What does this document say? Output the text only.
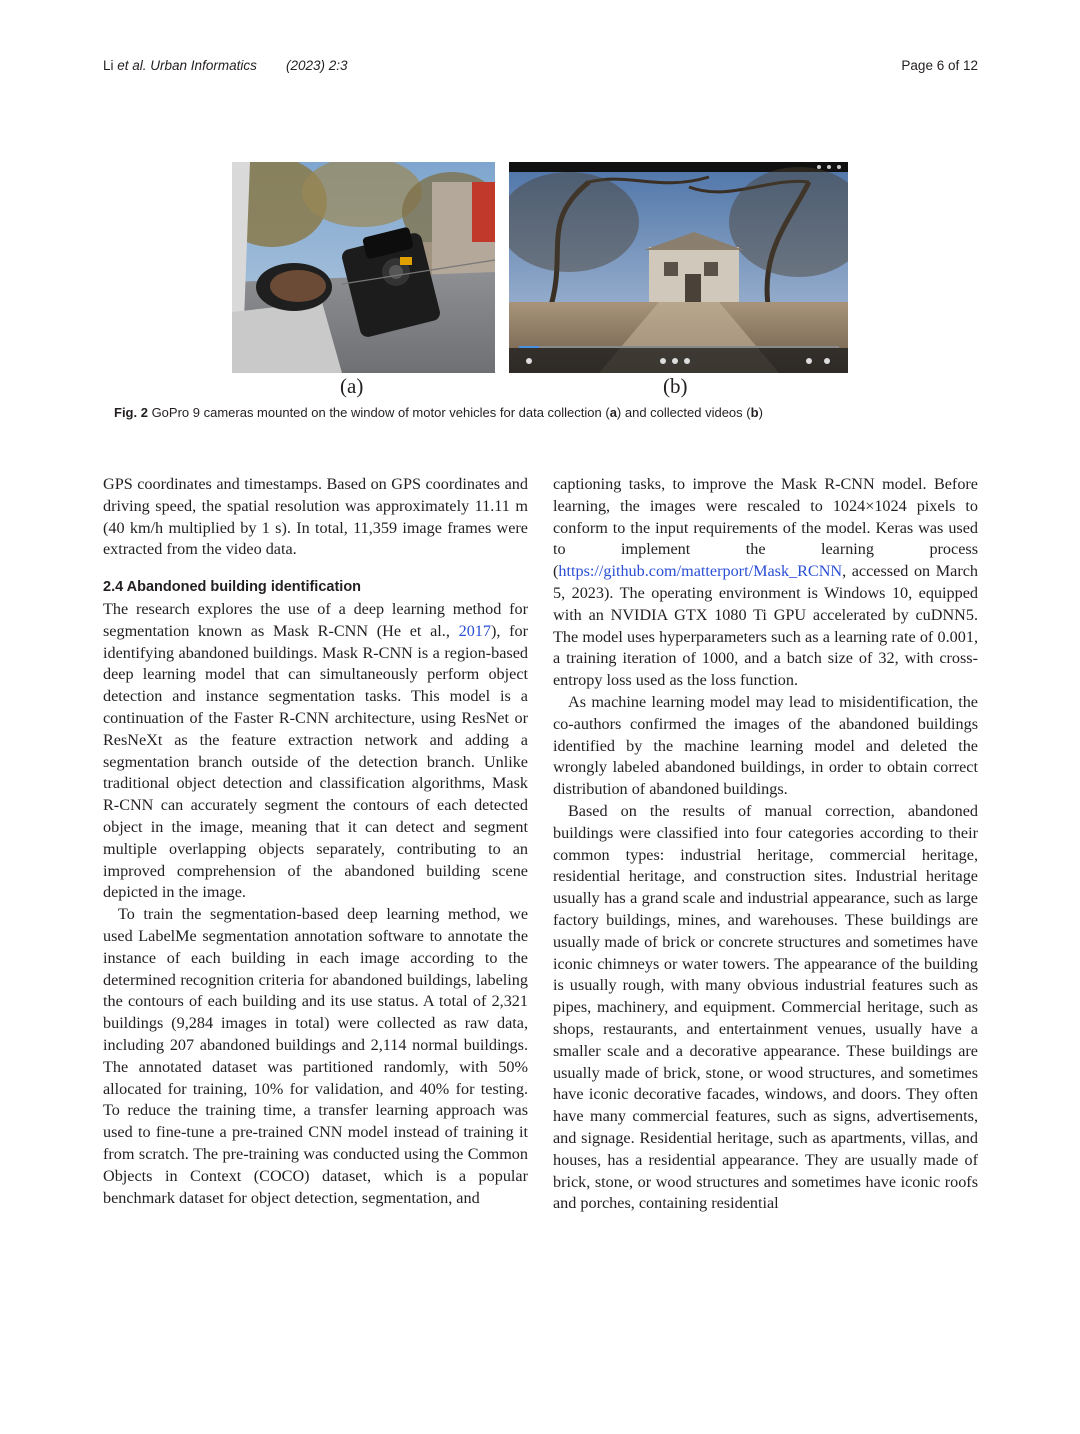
Li et al. Urban Informatics (2023) 2:3	Page 6 of 12
(a)	(b)
Fig. 2 GoPro 9 cameras mounted on the window of motor vehicles for data collection (a) and collected videos (b)

GPS coordinates and timestamps. Based on GPS coordinates and driving speed, the spatial resolution was approximately 11.11 m (40 km/h multiplied by 1 s). In total, 11,359 image frames were extracted from the video data.

2.4 Abandoned building identification

The research explores the use of a deep learning method for segmentation known as Mask R-CNN (He et al., 2017), for identifying abandoned buildings. Mask R-CNN is a region-based deep learning model that can simultaneously perform object detection and instance segmentation tasks. This model is a continuation of the Faster R-CNN architecture, using ResNet or ResNeXt as the feature extraction network and adding a segmentation branch outside of the detection branch. Unlike traditional object detection and classification algorithms, Mask R-CNN can accurately segment the contours of each detected object in the image, meaning that it can detect and segment multiple overlapping objects separately, contributing to an improved comprehension of the abandoned building scene depicted in the image.

To train the segmentation-based deep learning method, we used LabelMe segmentation annotation software to annotate the instance of each building in each image according to the determined recognition criteria for abandoned buildings, labeling the contours of each building and its use status. A total of 2,321 buildings (9,284 images in total) were collected as raw data, including 207 abandoned buildings and 2,114 normal buildings. The annotated dataset was partitioned randomly, with 50% allocated for training, 10% for validation, and 40% for testing. To reduce the training time, a transfer learning approach was used to fine-tune a pre-trained CNN model instead of training it from scratch. The pre-training was conducted using the Common Objects in Context (COCO) dataset, which is a popular benchmark dataset for object detection, segmentation, and

captioning tasks, to improve the Mask R-CNN model. Before learning, the images were rescaled to 1024×1024 pixels to conform to the input requirements of the model. Keras was used to implement the learning process (https://github.com/matterport/Mask_RCNN, accessed on March 5, 2023). The operating environment is Windows 10, equipped with an NVIDIA GTX 1080 Ti GPU accelerated by cuDNN5. The model uses hyperparameters such as a learning rate of 0.001, a training iteration of 1000, and a batch size of 32, with cross-entropy loss used as the loss function.

As machine learning model may lead to misidentification, the co-authors confirmed the images of the abandoned buildings identified by the machine learning model and deleted the wrongly labeled abandoned buildings, in order to obtain correct distribution of abandoned buildings.

Based on the results of manual correction, abandoned buildings were classified into four categories according to their common types: industrial heritage, commercial heritage, residential heritage, and construction sites. Industrial heritage usually has a grand scale and industrial appearance, such as large factory buildings, mines, and warehouses. These buildings are usually made of brick or concrete structures and sometimes have iconic chimneys or water towers. The appearance of the building is usually rough, with many obvious industrial features such as pipes, machinery, and equipment. Commercial heritage, such as shops, restaurants, and entertainment venues, usually have a smaller scale and a decorative appearance. These buildings are usually made of brick, stone, or wood structures, and sometimes have iconic decorative facades, windows, and doors. They often have many commercial features, such as signs, advertisements, and signage. Residential heritage, such as apartments, villas, and houses, has a residential appearance. They are usually made of brick, stone, or wood structures and sometimes have iconic roofs and porches, containing residential
